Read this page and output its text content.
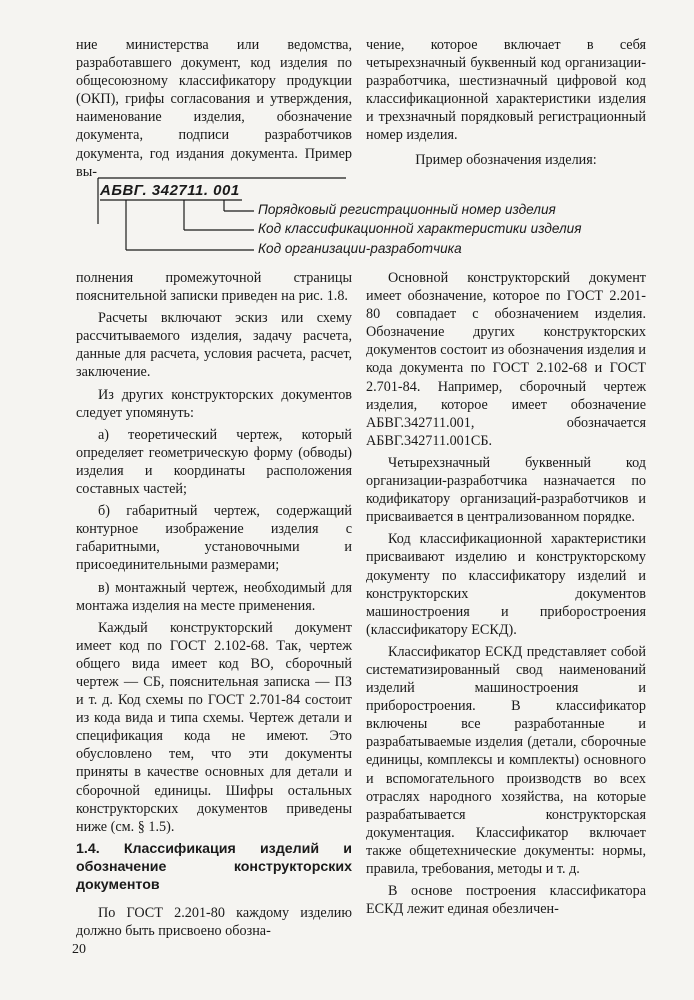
ние министерства или ведомства, разработавшего документ, код изделия по общесоюзному классификатору продукции (ОКП), грифы согласования и утверждения, наименование изделия, обозначение документа, подписи разработчиков документа, год издания документа. Пример вы-

чение, которое включает в себя четырехзначный буквенный код организации-разработчика, шестизначный цифровой код классификационной характеристики изделия и трехзначный порядковый регистрационный номер изделия.

Пример обозначения изделия:

АБВГ. 342711. 001
Порядковый регистрационный номер изделия
Код классификационной характеристики изделия
Код организации-разработчика

полнения промежуточной страницы пояснительной записки приведен на рис. 1.8.

Расчеты включают эскиз или схему рассчитываемого изделия, задачу расчета, данные для расчета, условия расчета, расчет, заключение.

Из других конструкторских документов следует упомянуть:

а) теоретический чертеж, который определяет геометрическую форму (обводы) изделия и координаты расположения составных частей;

б) габаритный чертеж, содержащий контурное изображение изделия с габаритными, установочными и присоединительными размерами;

в) монтажный чертеж, необходимый для монтажа изделия на месте применения.

Каждый конструкторский документ имеет код по ГОСТ 2.102-68. Так, чертеж общего вида имеет код ВО, сборочный чертеж — СБ, пояснительная записка — ПЗ и т. д. Код схемы по ГОСТ 2.701-84 состоит из кода вида и типа схемы. Чертеж детали и спецификация кода не имеют. Это обусловлено тем, что эти документы приняты в качестве основных для детали и сборочной единицы. Шифры остальных конструкторских документов приведены ниже (см. § 1.5).

1.4. Классификация изделий и обозначение конструкторских документов

По ГОСТ 2.201-80 каждому изделию должно быть присвоено обозна-

Основной конструкторский документ имеет обозначение, которое по ГОСТ 2.201-80 совпадает с обозначением изделия. Обозначение других конструкторских документов состоит из обозначения изделия и кода документа по ГОСТ 2.102-68 и ГОСТ 2.701-84. Например, сборочный чертеж изделия, которое имеет обозначение АБВГ.342711.001, обозначается АБВГ.342711.001СБ.

Четырехзначный буквенный код организации-разработчика назначается по кодификатору организаций-разработчиков и присваивается в централизованном порядке.

Код классификационной характеристики присваивают изделию и конструкторскому документу по классификатору изделий и конструкторских документов машиностроения и приборостроения (классификатору ЕСКД).

Классификатор ЕСКД представляет собой систематизированный свод наименований изделий машиностроения и приборостроения. В классификатор включены все разработанные и разрабатываемые изделия (детали, сборочные единицы, комплексы и комплекты) основного и вспомогательного производств во всех отраслях народного хозяйства, на которые разрабатывается конструкторская документация. Классификатор включает также общетехнические документы: нормы, правила, требования, методы и т. д.

В основе построения классификатора ЕСКД лежит единая обезличен-

20
